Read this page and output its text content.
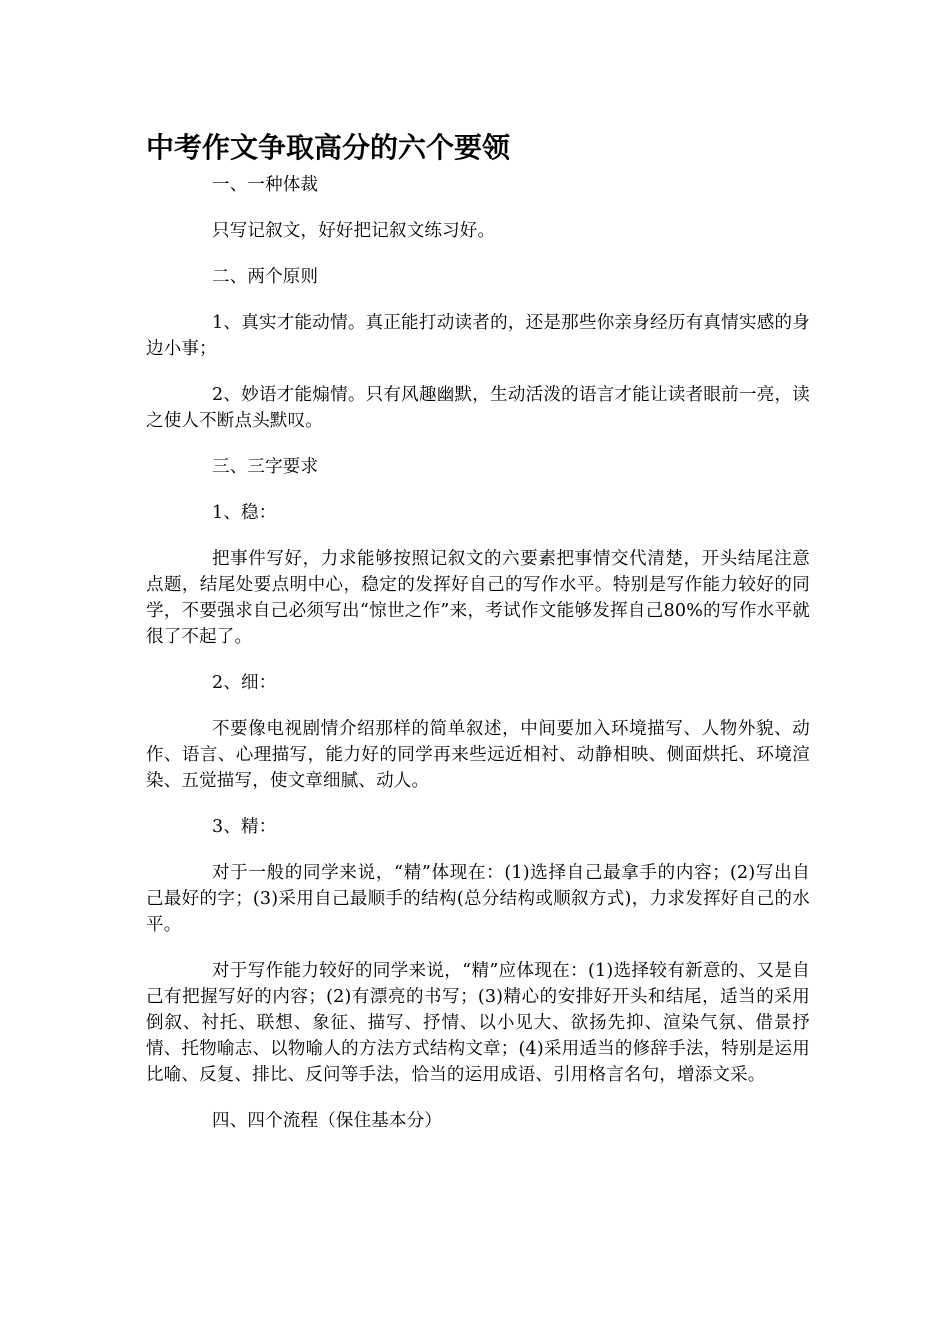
中考作文争取高分的六个要领

一、一种体裁

只写记叙文，好好把记叙文练习好。

二、两个原则

1、真实才能动情。真正能打动读者的，还是那些你亲身经历有真情实感的身边小事；

2、妙语才能煽情。只有风趣幽默，生动活泼的语言才能让读者眼前一亮，读之使人不断点头默叹。

三、三字要求

1、稳：

把事件写好，力求能够按照记叙文的六要素把事情交代清楚，开头结尾注意点题，结尾处要点明中心，稳定的发挥好自己的写作水平。特别是写作能力较好的同学，不要强求自己必须写出“惊世之作”来，考试作文能够发挥自己80%的写作水平就很了不起了。

2、细：

不要像电视剧情介绍那样的简单叙述，中间要加入环境描写、人物外貌、动作、语言、心理描写，能力好的同学再来些远近相衬、动静相映、侧面烘托、环境渲染、五觉描写，使文章细腻、动人。

3、精：

对于一般的同学来说，“精”体现在：(1)选择自己最拿手的内容；(2)写出自己最好的字；(3)采用自己最顺手的结构(总分结构或顺叙方式)，力求发挥好自己的水平。

对于写作能力较好的同学来说，“精”应体现在：(1)选择较有新意的、又是自己有把握写好的内容；(2)有漂亮的书写；(3)精心的安排好开头和结尾，适当的采用倒叙、衬托、联想、象征、描写、抒情、以小见大、欲扬先抑、渲染气氛、借景抒情、托物喻志、以物喻人的方法方式结构文章；(4)采用适当的修辞手法，特别是运用比喻、反复、排比、反问等手法，恰当的运用成语、引用格言名句，增添文采。

四、四个流程（保住基本分）
